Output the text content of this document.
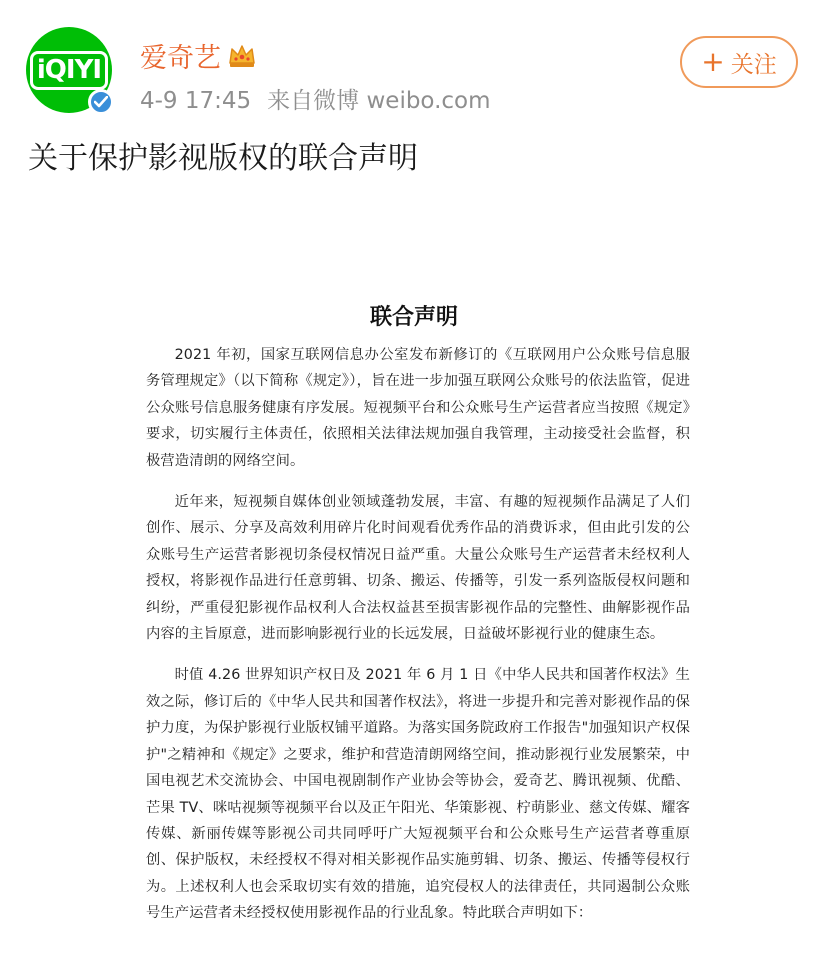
iQIYI 爱奇艺
4-9 17:45 来自微博 weibo.com
+ 关注
关于保护影视版权的联合声明
联合声明

2021 年初，国家互联网信息办公室发布新修订的《互联网用户公众账号信息服务管理规定》（以下简称《规定》），旨在进一步加强互联网公众账号的依法监管，促进公众账号信息服务健康有序发展。短视频平台和公众账号生产运营者应当按照《规定》要求，切实履行主体责任，依照相关法律法规加强自我管理，主动接受社会监督，积极营造清朗的网络空间。

近年来，短视频自媒体创业领域蓬勃发展，丰富、有趣的短视频作品满足了人们创作、展示、分享及高效利用碎片化时间观看优秀作品的消费诉求，但由此引发的公众账号生产运营者影视切条侵权情况日益严重。大量公众账号生产运营者未经权利人授权，将影视作品进行任意剪辑、切条、搬运、传播等，引发一系列盗版侵权问题和纠纷，严重侵犯影视作品权利人合法权益甚至损害影视作品的完整性、曲解影视作品内容的主旨原意，进而影响影视行业的长远发展，日益破坏影视行业的健康生态。

时值 4.26 世界知识产权日及 2021 年 6 月 1 日《中华人民共和国著作权法》生效之际，修订后的《中华人民共和国著作权法》，将进一步提升和完善对影视作品的保护力度，为保护影视行业版权铺平道路。为落实国务院政府工作报告"加强知识产权保护"之精神和《规定》之要求，维护和营造清朗网络空间，推动影视行业发展繁荣，中国电视艺术交流协会、中国电视剧制作产业协会等协会，爱奇艺、腾讯视频、优酷、芒果 TV、咪咕视频等视频平台以及正午阳光、华策影视、柠萌影业、慈文传媒、耀客传媒、新丽传媒等影视公司共同呼吁广大短视频平台和公众账号生产运营者尊重原创、保护版权，未经授权不得对相关影视作品实施剪辑、切条、搬运、传播等侵权行为。上述权利人也会采取切实有效的措施，追究侵权人的法律责任，共同遏制公众账号生产运营者未经授权使用影视作品的行业乱象。特此联合声明如下：
